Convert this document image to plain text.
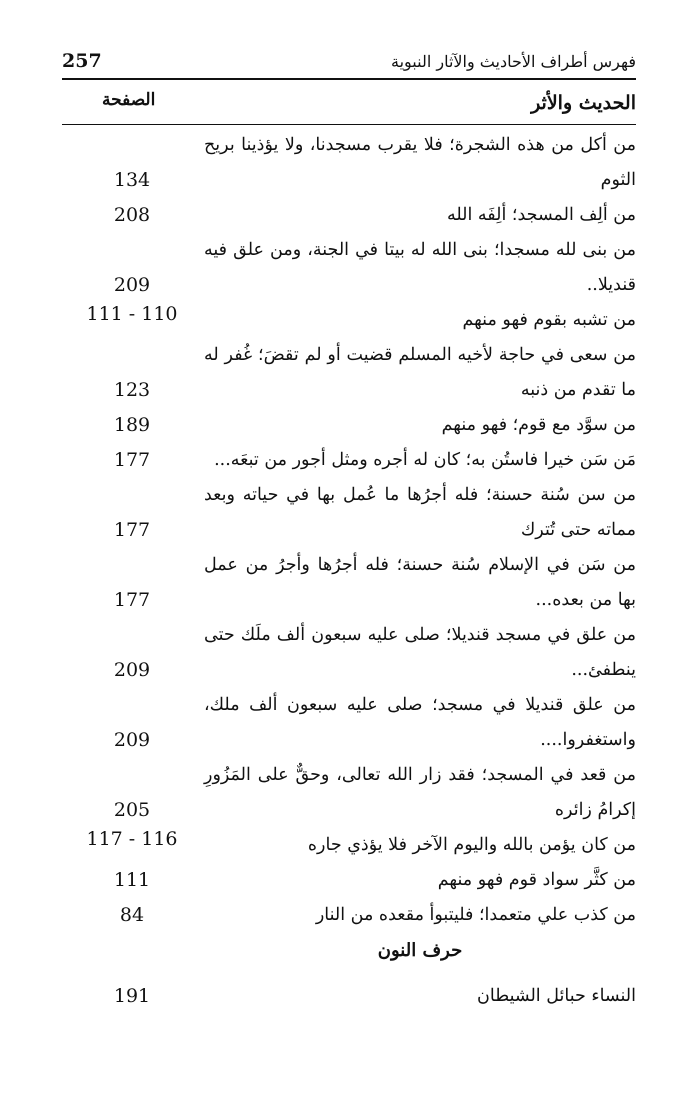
257	فهرس أطراف الأحاديث والآثار النبوية
الحديث والأثر
الصفحة
من أكل من هذه الشجرة؛ فلا يقرب مسجدنا، ولا يؤذينا بريح الثوم
134
من ألِف المسجد؛ ألِفَه الله
208
من بنى لله مسجدا؛ بنى الله له بيتا في الجنة، ومن علق فيه قنديلا..
209
من تشبه بقوم فهو منهم
111 - 110
من سعى في حاجة لأخيه المسلم قضيت أو لم تقضَ؛ غُفر له ما تقدم من ذنبه
123
من سوَّد مع قوم؛ فهو منهم
189
مَن سَن خيرا فاستُن به؛ كان له أجره ومثل أجور من تبعَه...
177
من سن سُنة حسنة؛ فله أجرُها ما عُمل بها في حياته وبعد مماته حتى تُترك
177
من سَن في الإسلام سُنة حسنة؛ فله أجرُها وأجرُ من عمل بها من بعده...
177
من علق في مسجد قنديلا؛ صلى عليه سبعون ألف ملَك حتى ينطفئ...
209
من علق قنديلا في مسجد؛ صلى عليه سبعون ألف ملك، واستغفروا....
209
من قعد في المسجد؛ فقد زار الله تعالى، وحقٌّ على المَزُورِ إكرامُ زائره
205
من كان يؤمن بالله واليوم الآخر فلا يؤذي جاره
117 - 116
من كثَّر سواد قوم فهو منهم
111
من كذب علي متعمدا؛ فليتبوأ مقعده من النار
84
حرف النون
النساء حبائل الشيطان
191
